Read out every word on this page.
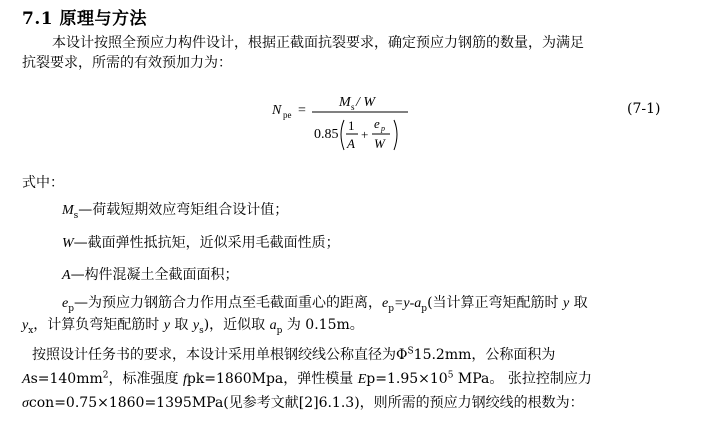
7.1 原理与方法
本设计按照全预应力构件设计，根据正截面抗裂要求，确定预应力钢筋的数量，为满足
抗裂要求，所需的有效预加力为：
N pe =
M s / W
0.85
1
A
+
e p
W
(7-1)
式中：
$M_s—$荷载短期效应弯矩组合设计值；
W—截面弹性抵抗矩，近似采用毛截面性质；
A—构件混凝土全截面面积；
$e_p—$为预应力钢筋合力作用点至毛截面重心的距离，$e_p=y-a_p$(当计算正弯矩配筋时 y 取
$y_x$，计算负弯矩配筋时 y 取 $y_s$)，近似取 $a_p$ 为 0.15m。
按照设计任务书的要求，本设计采用单根钢绞线公称直径为$\Phi^S15.2mm$，公称面积为
$As=140mm^2$，标准强度 fpk=1860Mpa，弹性模量 $Ep=1.95\times 10^5$ MPa。 张拉控制应力
σcon=0.75×1860=1395MPa(见参考文献[2]6.1.3)，则所需的预应力钢绞线的根数为：
